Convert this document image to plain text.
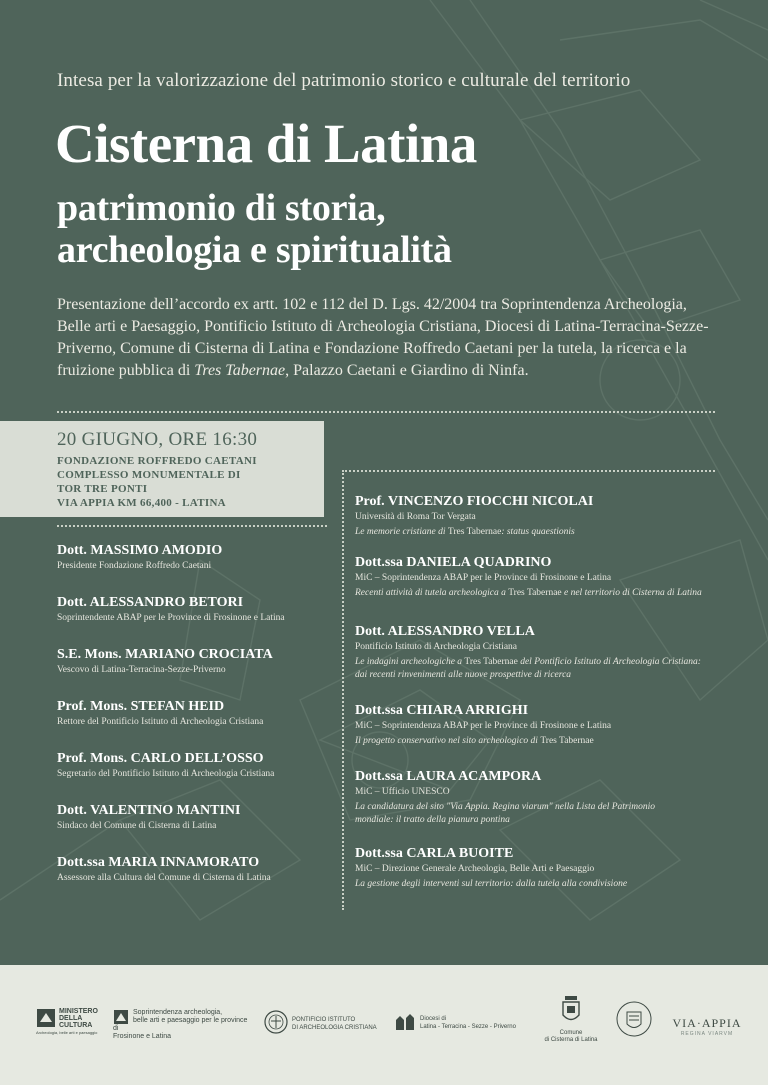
Intesa per la valorizzazione del patrimonio storico e culturale del territorio
Cisterna di Latina
patrimonio di storia,
archeologia e spiritualità
Presentazione dell’accordo ex artt. 102 e 112 del D. Lgs. 42/2004 tra Soprintendenza Archeologia, Belle arti e Paesaggio, Pontificio Istituto di Archeologia Cristiana, Diocesi di Latina-Terracina-Sezze-Priverno, Comune di Cisterna di Latina e Fondazione Roffredo Caetani per la tutela, la ricerca e la fruizione pubblica di Tres Tabernae, Palazzo Caetani e Giardino di Ninfa.
20 GIUGNO, ORE 16:30
FONDAZIONE ROFFREDO CAETANI
COMPLESSO MONUMENTALE DI
TOR TRE PONTI
VIA APPIA KM 66,400 - LATINA
Dott. MASSIMO AMODIO
Presidente Fondazione Roffredo Caetani
Dott. ALESSANDRO BETORI
Soprintendente ABAP per le Province di Frosinone e Latina
S.E. Mons. MARIANO CROCIATA
Vescovo di Latina-Terracina-Sezze-Priverno
Prof. Mons. STEFAN HEID
Rettore del Pontificio Istituto di Archeologia Cristiana
Prof. Mons. CARLO DELL’OSSO
Segretario del Pontificio Istituto di Archeologia Cristiana
Dott. VALENTINO MANTINI
Sindaco del Comune di Cisterna di Latina
Dott.ssa MARIA INNAMORATO
Assessore alla Cultura del Comune di Cisterna di Latina
Prof. VINCENZO FIOCCHI NICOLAI
Università di Roma Tor Vergata
Le memorie cristiane di Tres Tabernae: status quaestionis
Dott.ssa DANIELA QUADRINO
MiC – Soprintendenza ABAP per le Province di Frosinone e Latina
Recenti attività di tutela archeologica a Tres Tabernae e nel territorio di Cisterna di Latina
Dott. ALESSANDRO VELLA
Pontificio Istituto di Archeologia Cristiana
Le indagini archeologiche a Tres Tabernae del Pontificio Istituto di Archeologia Cristiana:
dai recenti rinvenimenti alle nuove prospettive di ricerca
Dott.ssa CHIARA ARRIGHI
MiC – Soprintendenza ABAP per le Province di Frosinone e Latina
Il progetto conservativo nel sito archeologico di Tres Tabernae
Dott.ssa LAURA ACAMPORA
MiC – Ufficio UNESCO
La candidatura del sito "Via Appia. Regina viarum" nella Lista del Patrimonio
mondiale: il tratto della pianura pontina
Dott.ssa CARLA BUOITE
MiC – Direzione Generale Archeologia, Belle Arti e Paesaggio
La gestione degli interventi sul territorio: dalla tutela alla condivisione
MINISTERO
DELLA
CULTURA
Archeologia, belle arti e paesaggio
Soprintendenza archeologia,
belle arti e paesaggio per le province di
Frosinone e Latina
PONTIFICIO ISTITUTO
DI ARCHEOLOGIA CRISTIANA
Diocesi di
Latina - Terracina - Sezze - Priverno
Comune
di Cisterna di Latina
VIA·APPIA
REGINA VIARVM
